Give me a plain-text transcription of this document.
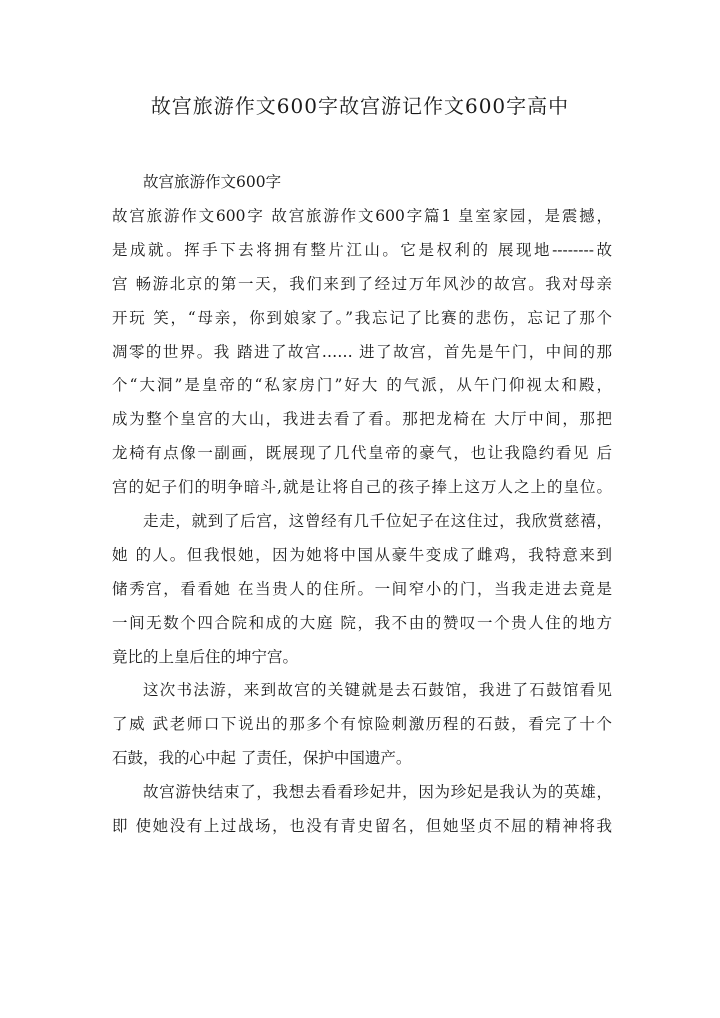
故宫旅游作文600字故宫游记作文600字高中
故宫旅游作文600字
故宫旅游作文600字 故宫旅游作文600字篇1 皇室家园，是震撼，
是成就。挥手下去将拥有整片江山。它是权利的 展现地--------故
宫 畅游北京的第一天，我们来到了经过万年风沙的故宫。我对母亲
开玩 笑，“母亲，你到娘家了。”我忘记了比赛的悲伤，忘记了那个
凋零的世界。我 踏进了故宫…… 进了故宫，首先是午门，中间的那
个“大洞”是皇帝的“私家房门”好大 的气派，从午门仰视太和殿，
成为整个皇宫的大山，我进去看了看。那把龙椅在 大厅中间，那把
龙椅有点像一副画，既展现了几代皇帝的豪气，也让我隐约看见 后
宫的妃子们的明争暗斗,就是让将自己的孩子捧上这万人之上的皇位。
走走，就到了后宫，这曾经有几千位妃子在这住过，我欣赏慈禧，
她 的人。但我恨她，因为她将中国从豪牛变成了雌鸡，我特意来到
储秀宫，看看她 在当贵人的住所。一间窄小的门，当我走进去竟是
一间无数个四合院和成的大庭 院，我不由的赞叹一个贵人住的地方
竟比的上皇后住的坤宁宫。
这次书法游，来到故宫的关键就是去石鼓馆，我进了石鼓馆看见
了威 武老师口下说出的那多个有惊险刺激历程的石鼓，看完了十个
石鼓，我的心中起 了责任，保护中国遗产。
故宫游快结束了，我想去看看珍妃井，因为珍妃是我认为的英雄，
即 使她没有上过战场，也没有青史留名，但她坚贞不屈的精神将我
